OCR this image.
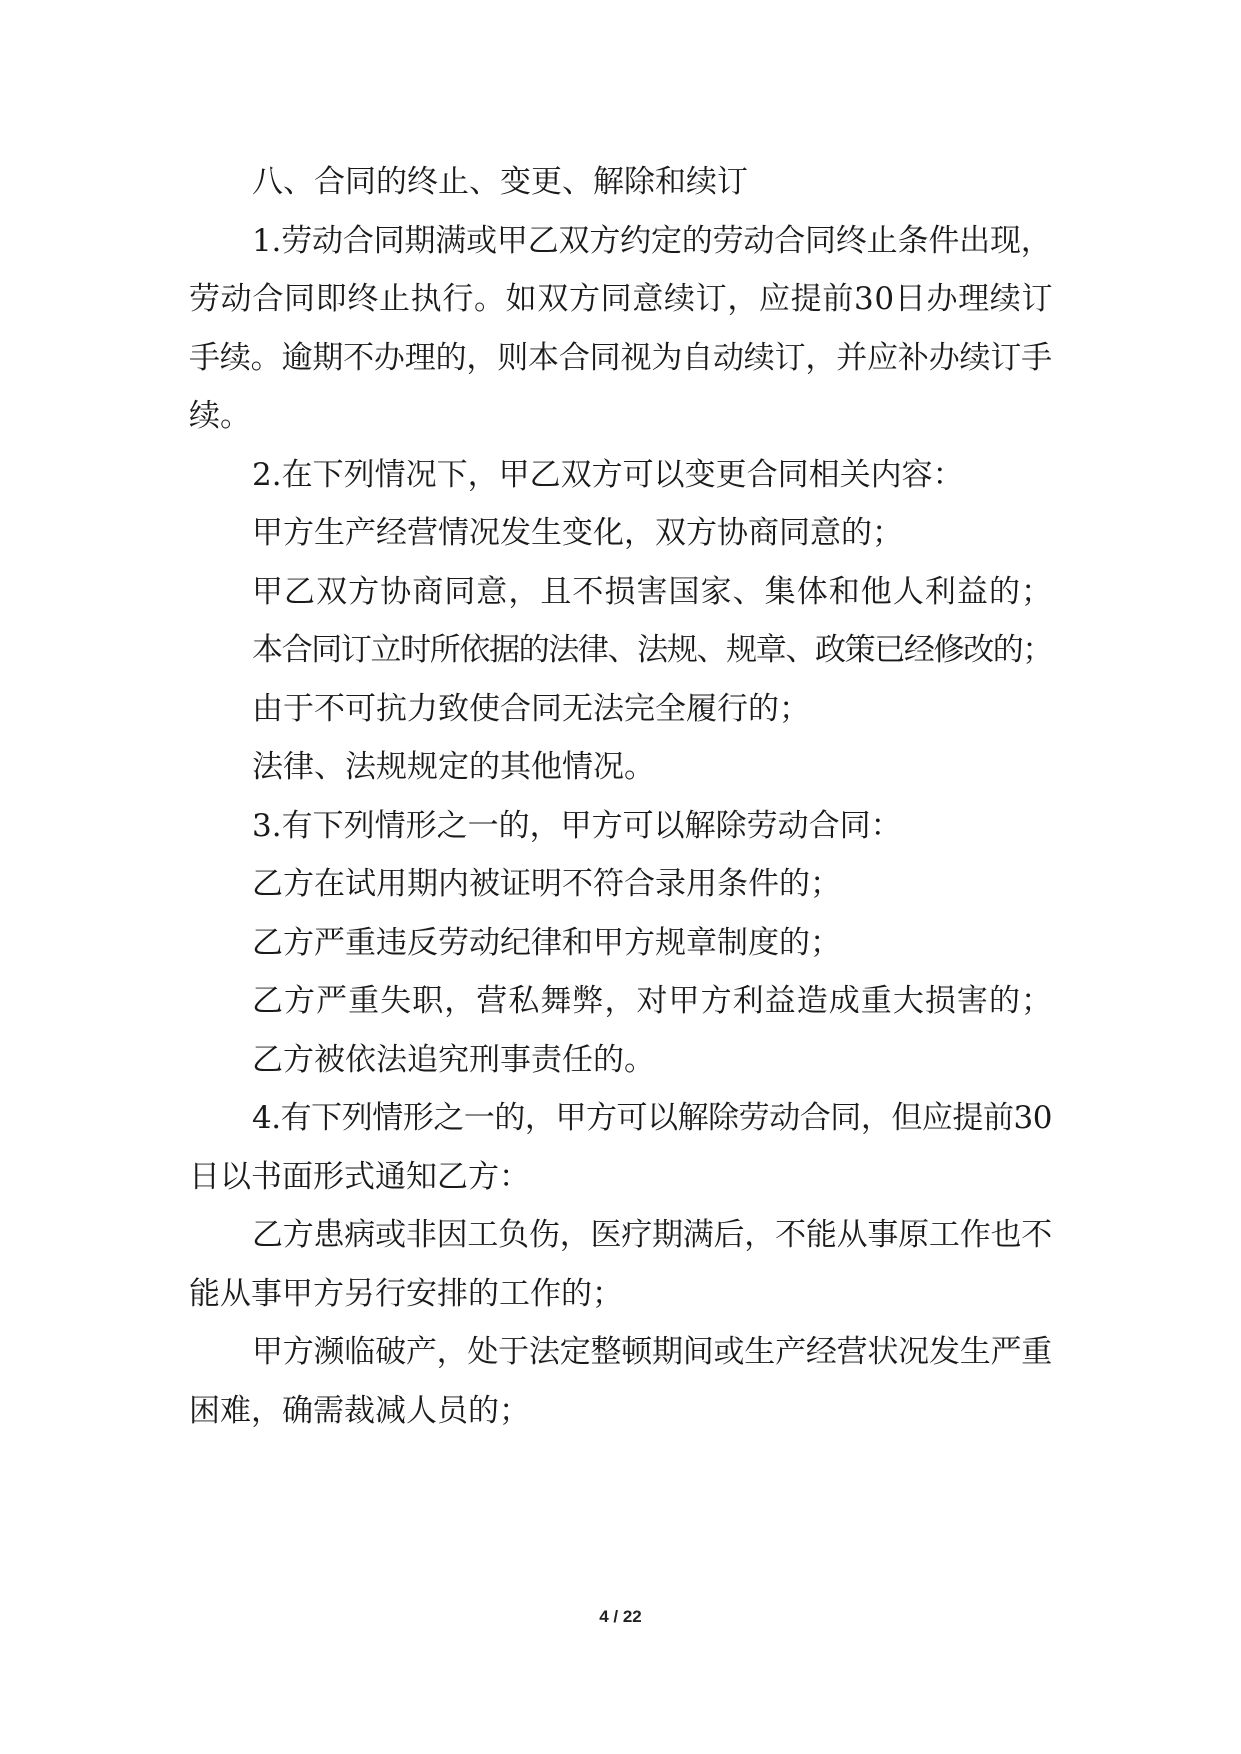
八、合同的终止、变更、解除和续订
1.劳动合同期满或甲乙双方约定的劳动合同终止条件出现，
劳动合同即终止执行。如双方同意续订，应提前30日办理续订
手续。逾期不办理的，则本合同视为自动续订，并应补办续订手
续。
2.在下列情况下，甲乙双方可以变更合同相关内容：
甲方生产经营情况发生变化，双方协商同意的；
甲乙双方协商同意，且不损害国家、集体和他人利益的；
本合同订立时所依据的法律、法规、规章、政策已经修改的；
由于不可抗力致使合同无法完全履行的；
法律、法规规定的其他情况。
3.有下列情形之一的，甲方可以解除劳动合同：
乙方在试用期内被证明不符合录用条件的；
乙方严重违反劳动纪律和甲方规章制度的；
乙方严重失职，营私舞弊，对甲方利益造成重大损害的；
乙方被依法追究刑事责任的。
4.有下列情形之一的，甲方可以解除劳动合同，但应提前30
日以书面形式通知乙方：
乙方患病或非因工负伤，医疗期满后，不能从事原工作也不
能从事甲方另行安排的工作的；
甲方濒临破产，处于法定整顿期间或生产经营状况发生严重
困难，确需裁减人员的；
4 / 22
